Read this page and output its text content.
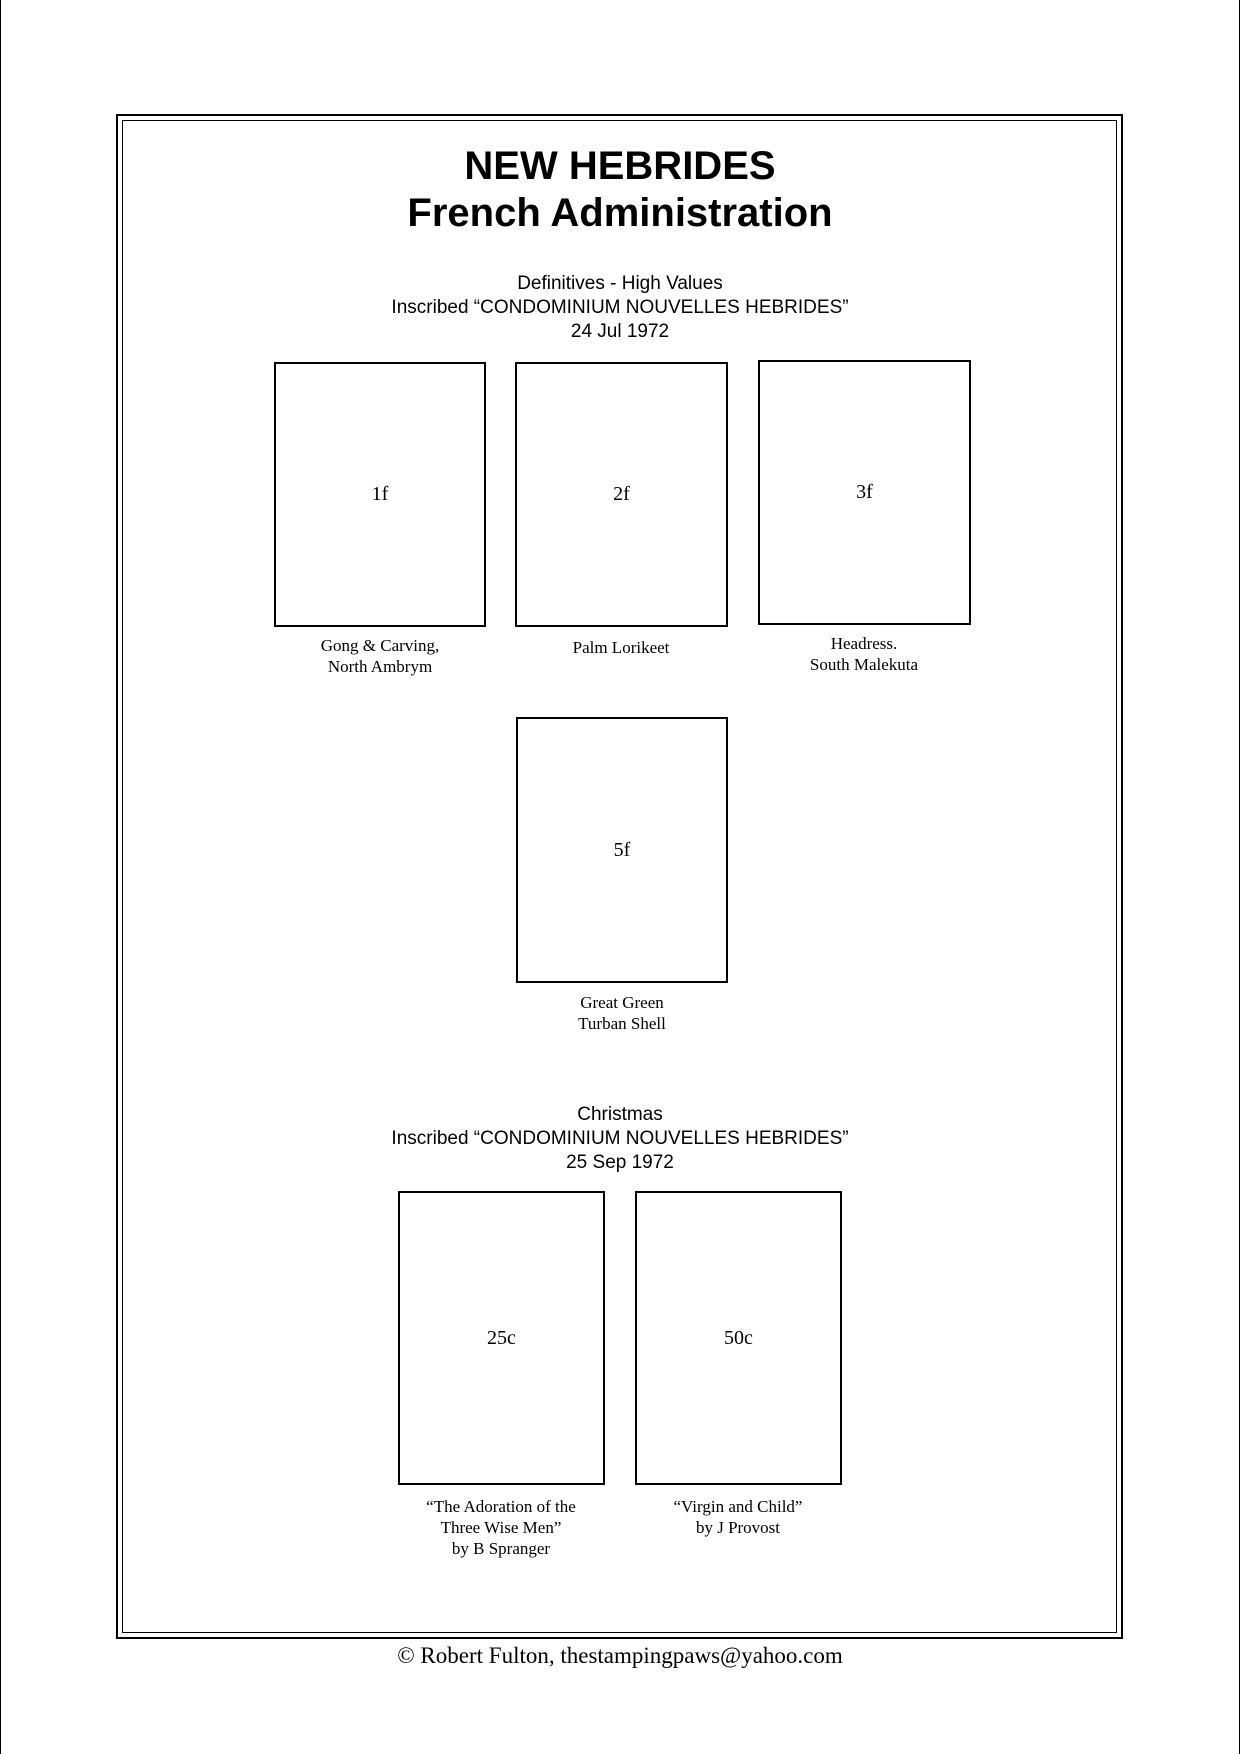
NEW HEBRIDES
French Administration
Definitives - High Values
Inscribed “CONDOMINIUM NOUVELLES HEBRIDES”
24 Jul 1972
1f
Gong & Carving,
North Ambrym
2f
Palm Lorikeet
3f
Headress.
South Malekuta
5f
Great Green
Turban Shell
Christmas
Inscribed “CONDOMINIUM NOUVELLES HEBRIDES”
25 Sep 1972
25c
“The Adoration of the
Three Wise Men”
by B Spranger
50c
“Virgin and Child”
by J Provost
© Robert Fulton, thestampingpaws@yahoo.com
